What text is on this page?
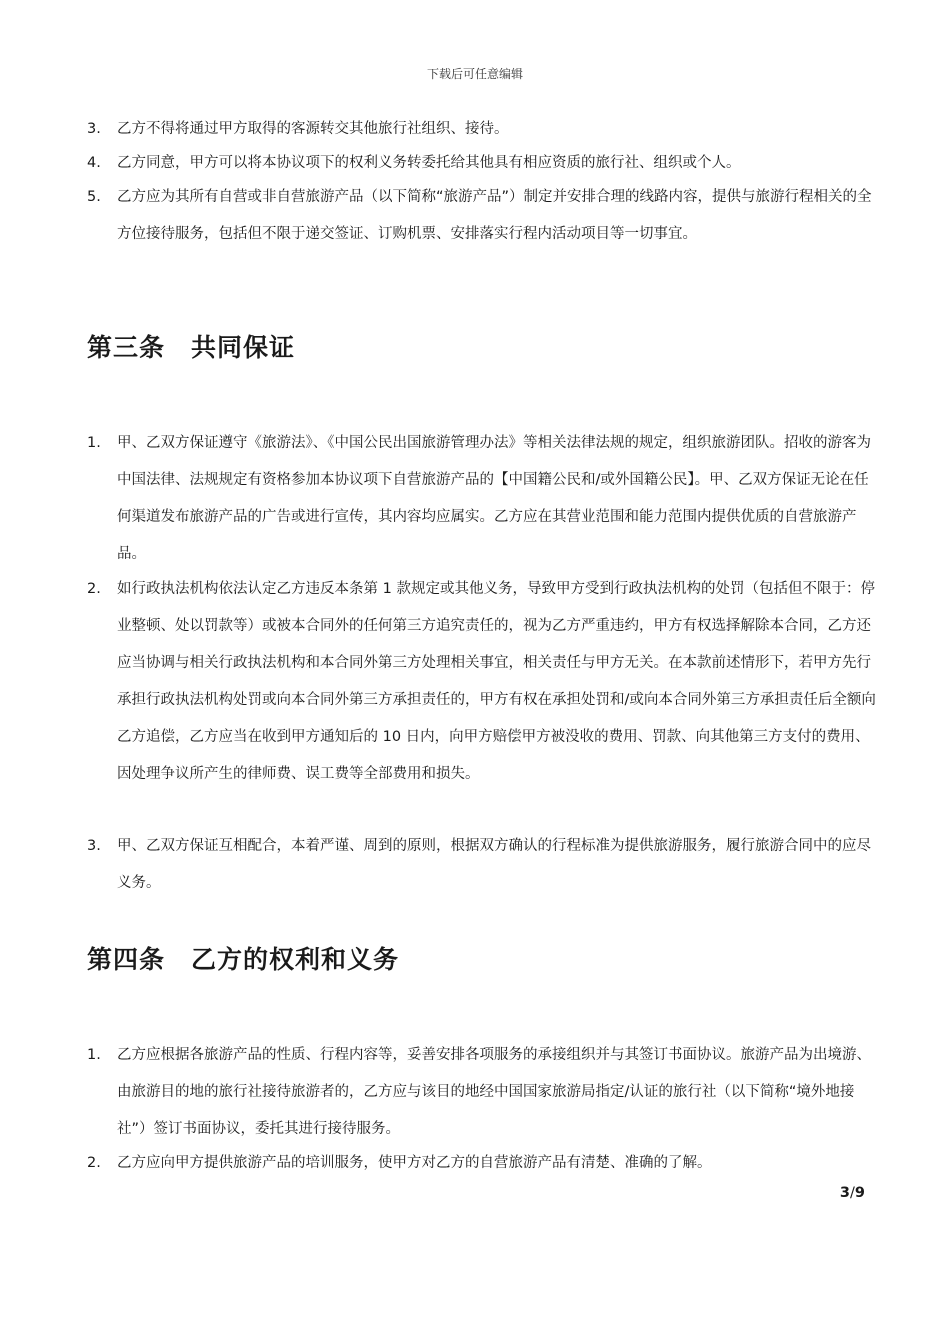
下载后可任意编辑
3.	乙方不得将通过甲方取得的客源转交其他旅行社组织、接待。
4.	乙方同意，甲方可以将本协议项下的权利义务转委托给其他具有相应资质的旅行社、组织或个人。
5.	乙方应为其所有自营或非自营旅游产品（以下简称“旅游产品”）制定并安排合理的线路内容，提供与旅游行程相关的全方位接待服务，包括但不限于递交签证、订购机票、安排落实行程内活动项目等一切事宜。
第三条　共同保证
1.	甲、乙双方保证遵守《旅游法》、《中国公民出国旅游管理办法》等相关法律法规的规定，组织旅游团队。招收的游客为中国法律、法规规定有资格参加本协议项下自营旅游产品的【中国籍公民和/或外国籍公民】。甲、乙双方保证无论在任何渠道发布旅游产品的广告或进行宣传，其内容均应属实。乙方应在其营业范围和能力范围内提供优质的自营旅游产品。
2.	如行政执法机构依法认定乙方违反本条第 1 款规定或其他义务，导致甲方受到行政执法机构的处罚（包括但不限于：停业整顿、处以罚款等）或被本合同外的任何第三方追究责任的，视为乙方严重违约，甲方有权选择解除本合同，乙方还应当协调与相关行政执法机构和本合同外第三方处理相关事宜，相关责任与甲方无关。在本款前述情形下，若甲方先行承担行政执法机构处罚或向本合同外第三方承担责任的，甲方有权在承担处罚和/或向本合同外第三方承担责任后全额向乙方追偿，乙方应当在收到甲方通知后的 10 日内，向甲方赔偿甲方被没收的费用、罚款、向其他第三方支付的费用、因处理争议所产生的律师费、误工费等全部费用和损失。
3.	甲、乙双方保证互相配合，本着严谨、周到的原则，根据双方确认的行程标准为提供旅游服务，履行旅游合同中的应尽义务。
第四条　乙方的权利和义务
1.	乙方应根据各旅游产品的性质、行程内容等，妥善安排各项服务的承接组织并与其签订书面协议。旅游产品为出境游、由旅游目的地的旅行社接待旅游者的，乙方应与该目的地经中国国家旅游局指定/认证的旅行社（以下简称“境外地接社”）签订书面协议，委托其进行接待服务。
2.	乙方应向甲方提供旅游产品的培训服务，使甲方对乙方的自营旅游产品有清楚、准确的了解。
3/9
